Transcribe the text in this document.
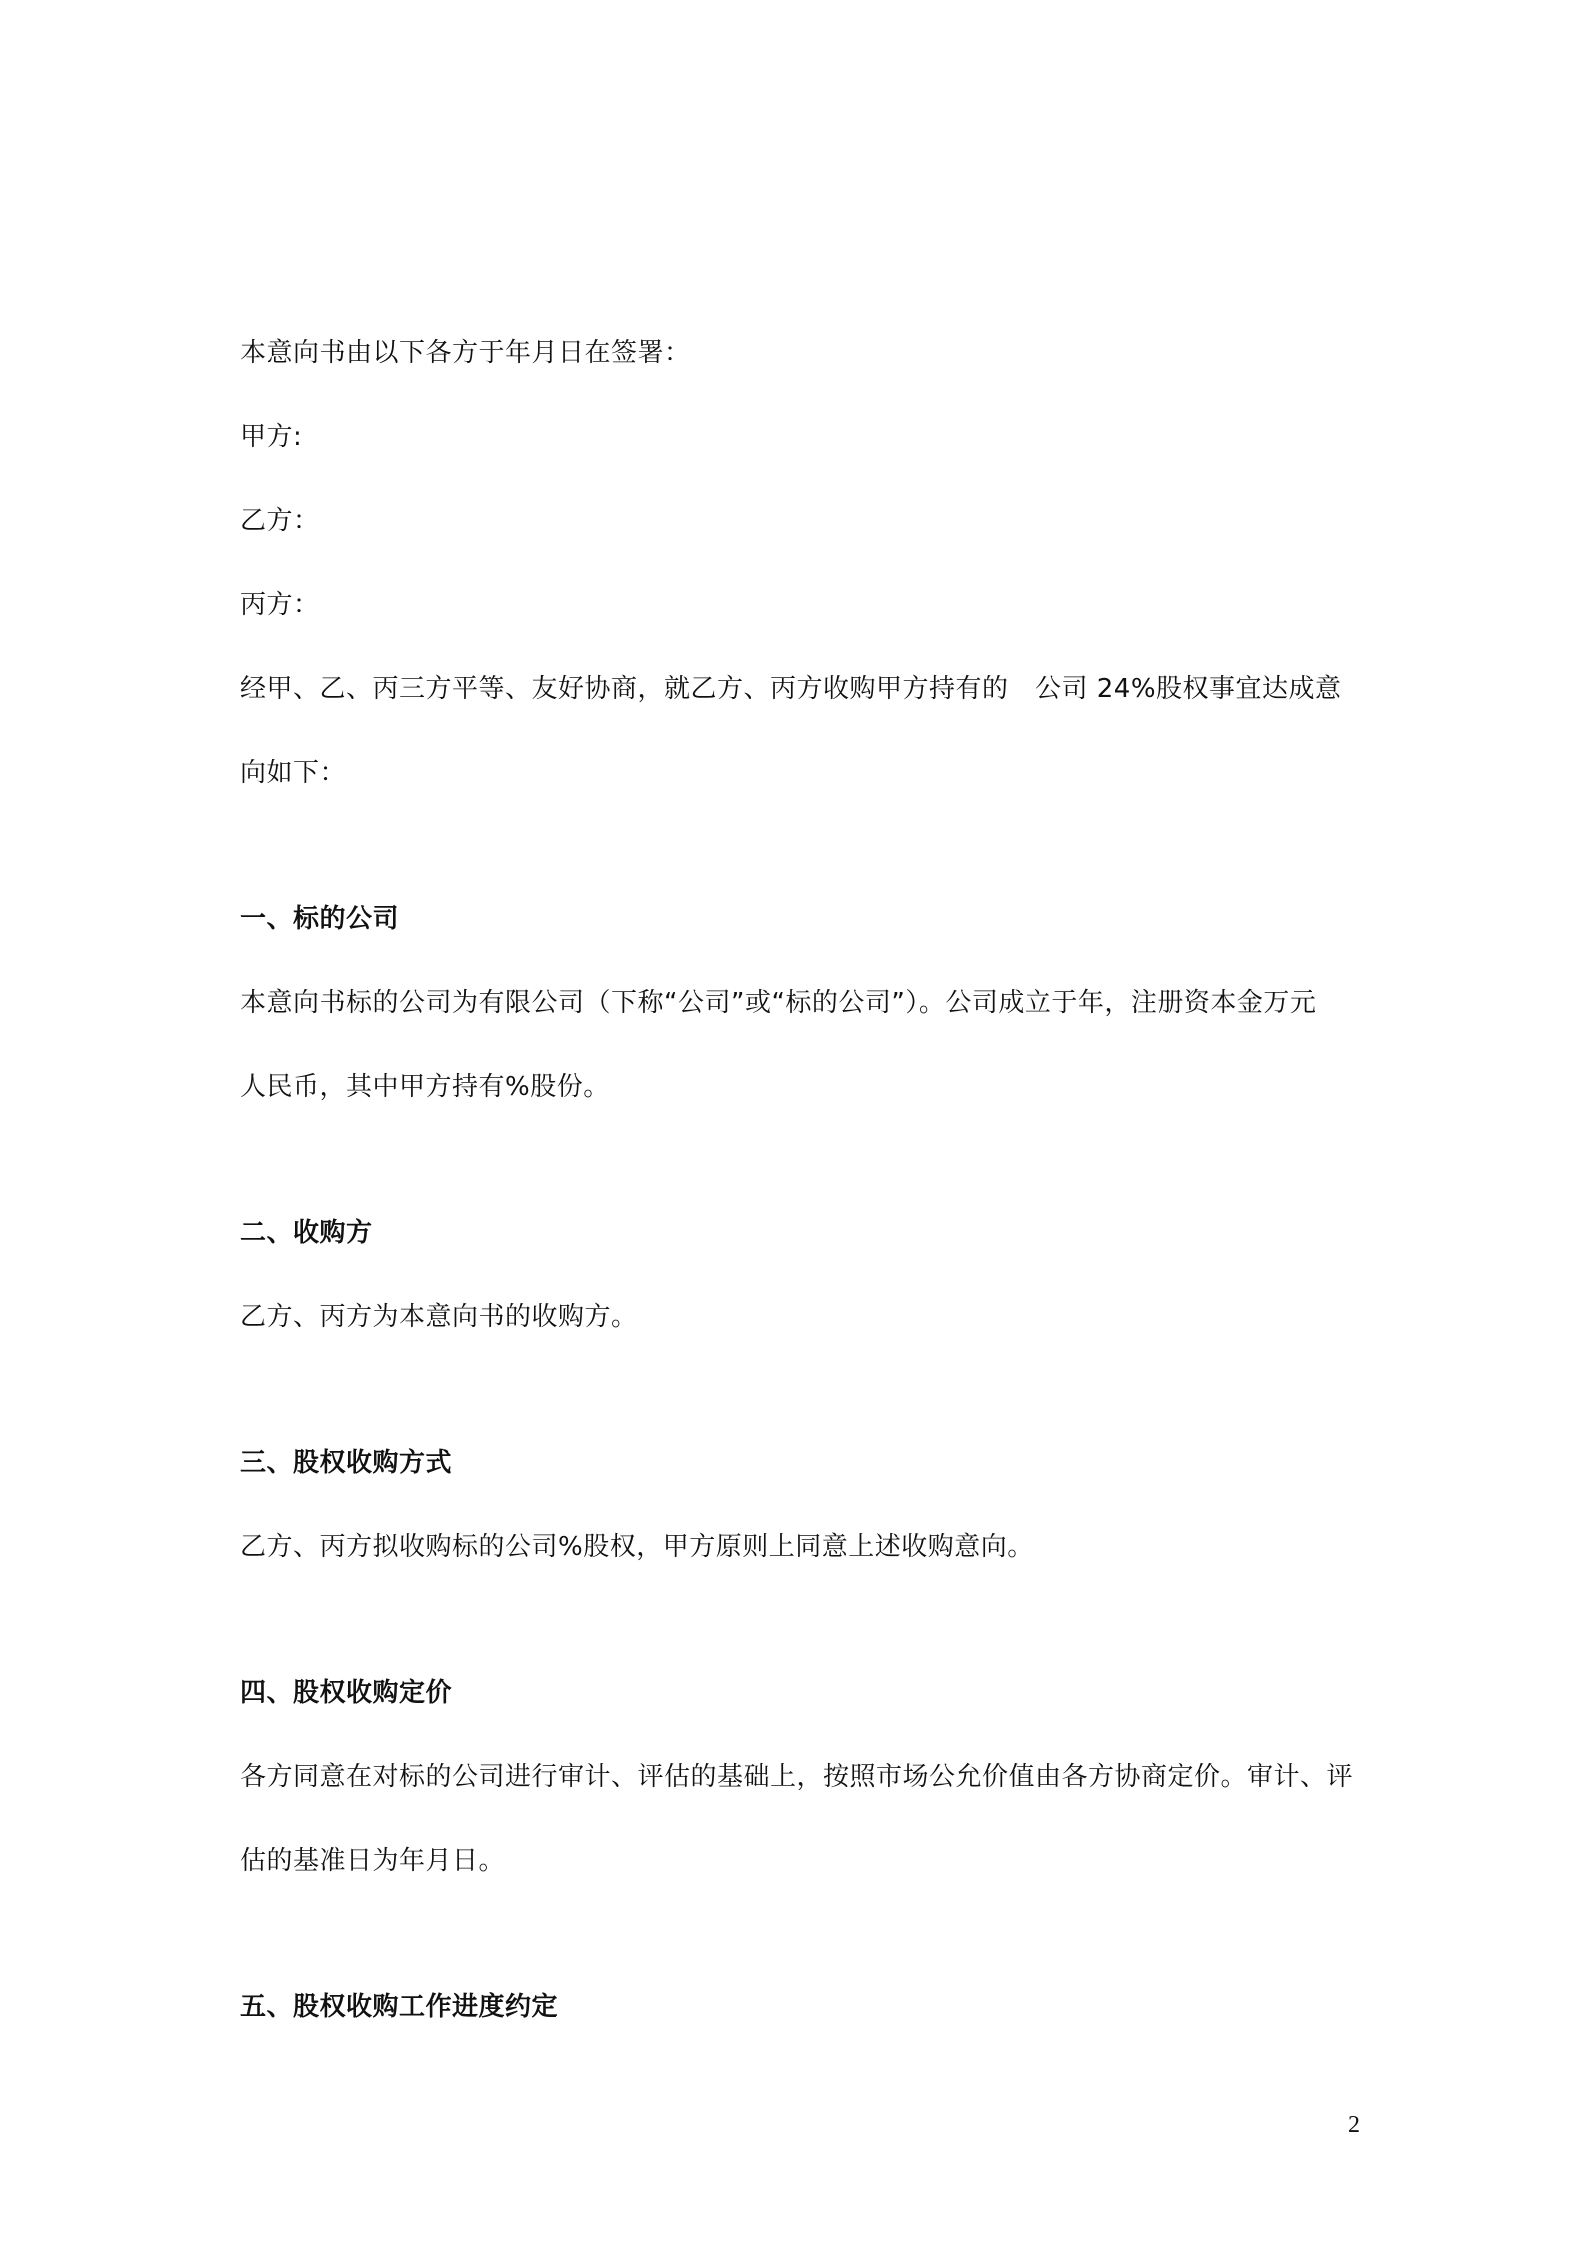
本意向书由以下各方于年月日在签署：
甲方:
乙方：
丙方：
经甲、乙、丙三方平等、友好协商，就乙方、丙方收购甲方持有的　公司 24%股权事宜达成意
向如下：
一、标的公司
本意向书标的公司为有限公司（下称“公司”或“标的公司”）。公司成立于年，注册资本金万元
人民币，其中甲方持有%股份。
二、收购方
乙方、丙方为本意向书的收购方。
三、股权收购方式
乙方、丙方拟收购标的公司%股权，甲方原则上同意上述收购意向。
四、股权收购定价
各方同意在对标的公司进行审计、评估的基础上，按照市场公允价值由各方协商定价。审计、评
估的基准日为年月日。
五、股权收购工作进度约定
2
